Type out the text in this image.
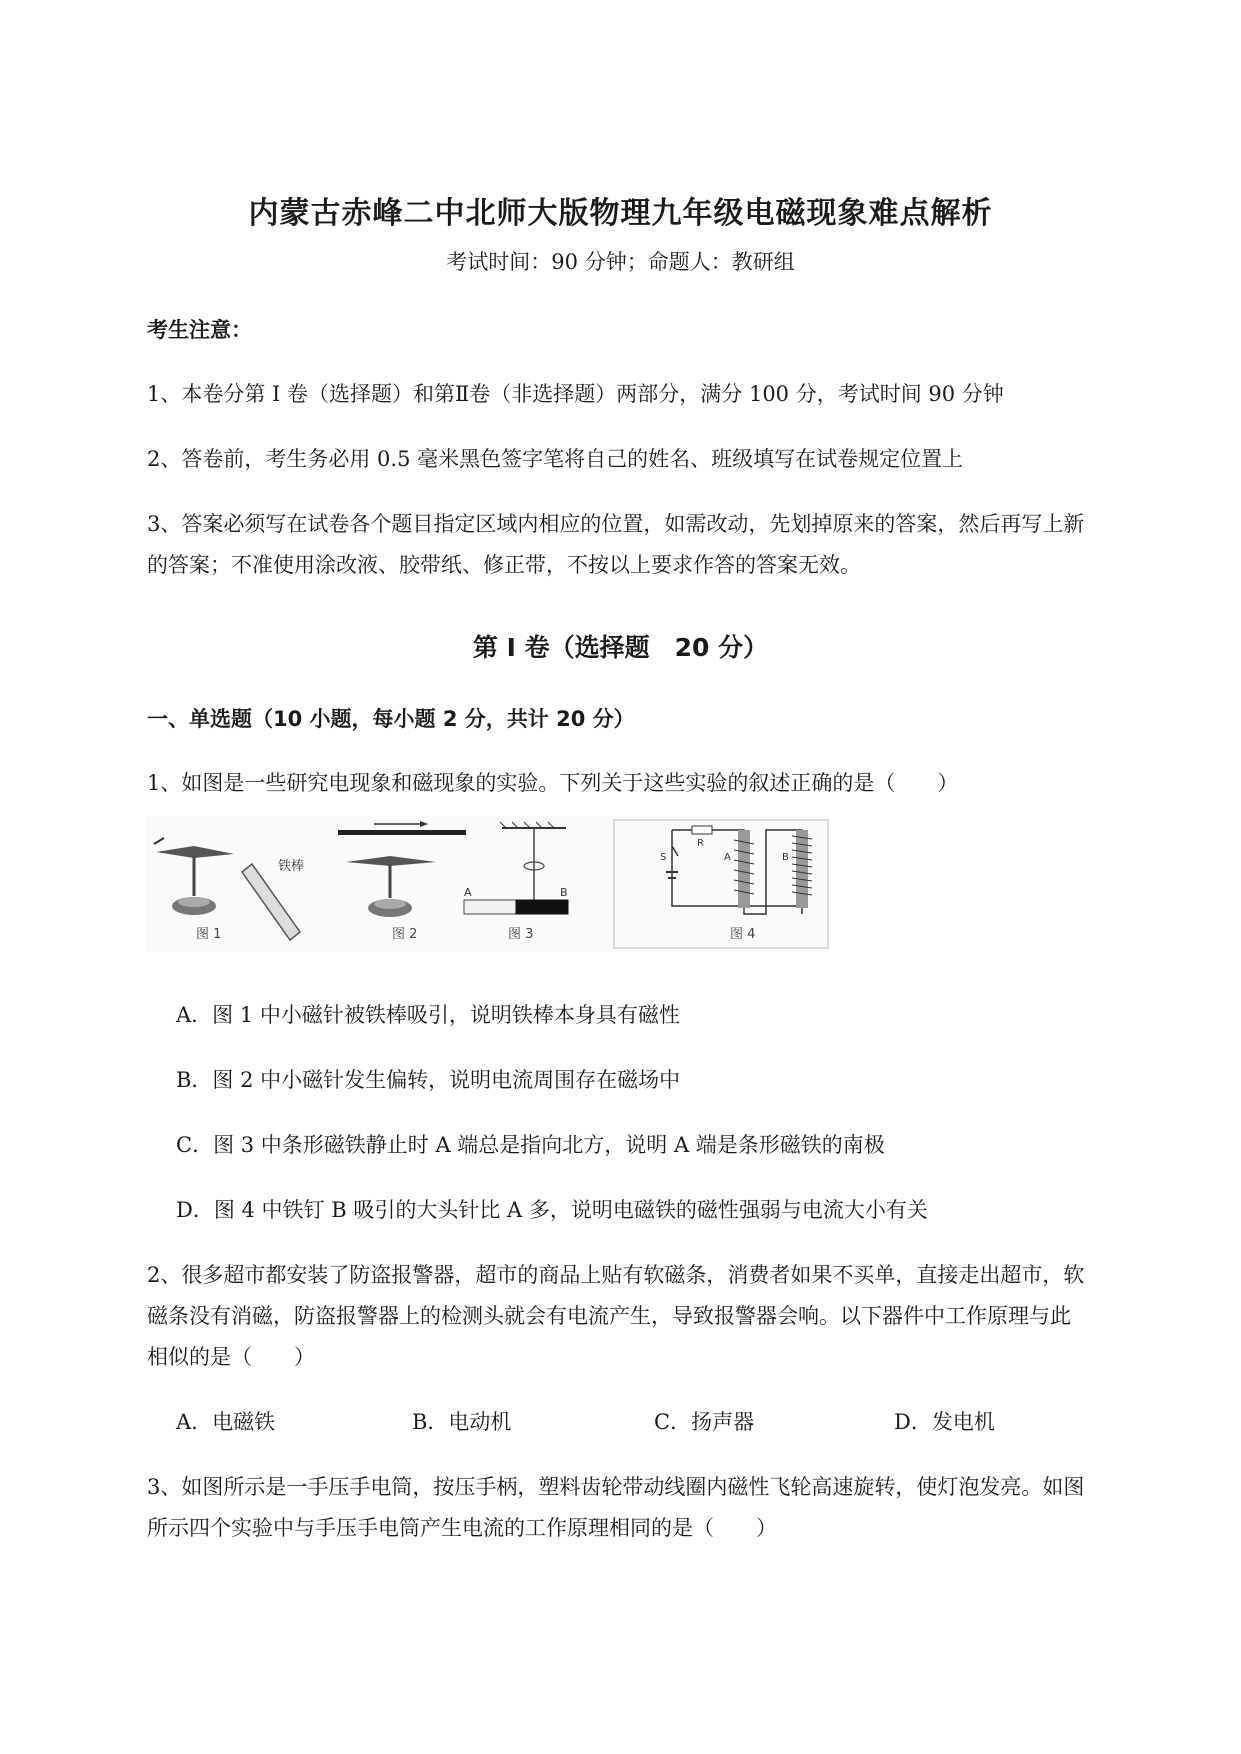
内蒙古赤峰二中北师大版物理九年级电磁现象难点解析
考试时间：90 分钟；命题人：教研组
考生注意：
1、本卷分第 I 卷（选择题）和第Ⅱ卷（非选择题）两部分，满分 100 分，考试时间 90 分钟
2、答卷前，考生务必用 0.5 毫米黑色签字笔将自己的姓名、班级填写在试卷规定位置上
3、答案必须写在试卷各个题目指定区域内相应的位置，如需改动，先划掉原来的答案，然后再写上新
的答案；不准使用涂改液、胶带纸、修正带，不按以上要求作答的答案无效。
第 I 卷（选择题　20 分）
一、单选题（10 小题，每小题 2 分，共计 20 分）
1、如图是一些研究电现象和磁现象的实验。下列关于这些实验的叙述正确的是（　　）
铁棒
图 1	图 2
A	B
图 3
R
S	A	B
图 4
A．图 1 中小磁针被铁棒吸引，说明铁棒本身具有磁性
B．图 2 中小磁针发生偏转，说明电流周围存在磁场中
C．图 3 中条形磁铁静止时 A 端总是指向北方，说明 A 端是条形磁铁的南极
D．图 4 中铁钉 B 吸引的大头针比 A 多，说明电磁铁的磁性强弱与电流大小有关
2、很多超市都安装了防盗报警器，超市的商品上贴有软磁条，消费者如果不买单，直接走出超市，软
磁条没有消磁，防盗报警器上的检测头就会有电流产生，导致报警器会响。以下器件中工作原理与此
相似的是（　　）
A．电磁铁	B．电动机	C．扬声器	D．发电机
3、如图所示是一手压手电筒，按压手柄，塑料齿轮带动线圈内磁性飞轮高速旋转，使灯泡发亮。如图
所示四个实验中与手压手电筒产生电流的工作原理相同的是（　　）
